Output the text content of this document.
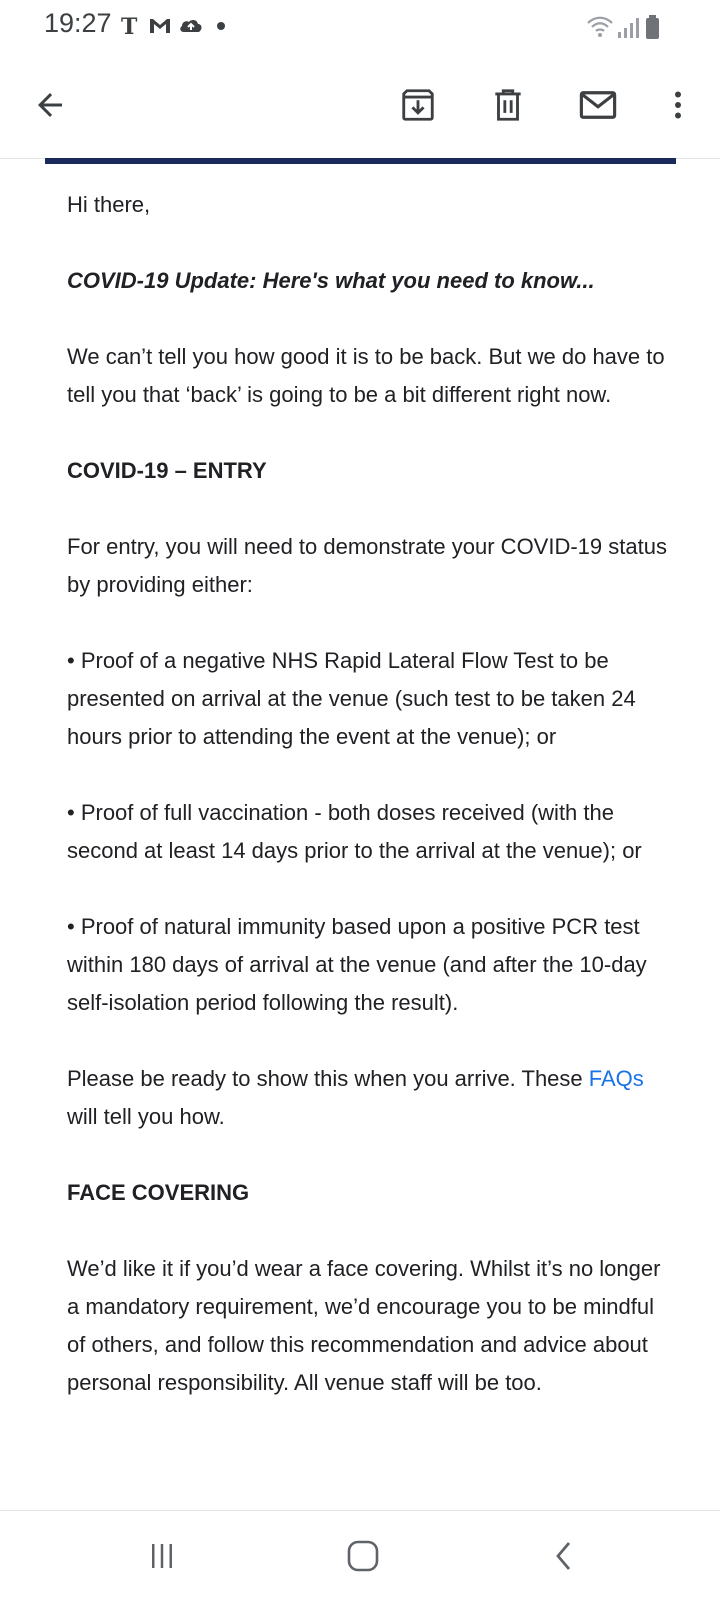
19:27 T

Hi there,

COVID-19 Update: Here's what you need to know...

We can’t tell you how good it is to be back. But we do have to tell you that ‘back’ is going to be a bit different right now.

COVID-19 – ENTRY

For entry, you will need to demonstrate your COVID-19 status by providing either:

• Proof of a negative NHS Rapid Lateral Flow Test to be presented on arrival at the venue (such test to be taken 24 hours prior to attending the event at the venue); or

• Proof of full vaccination - both doses received (with the second at least 14 days prior to the arrival at the venue); or

• Proof of natural immunity based upon a positive PCR test within 180 days of arrival at the venue (and after the 10-day self-isolation period following the result).

Please be ready to show this when you arrive. These FAQs will tell you how.

FACE COVERING

We’d like it if you’d wear a face covering. Whilst it’s no longer a mandatory requirement, we’d encourage you to be mindful of others, and follow this recommendation and advice about personal responsibility. All venue staff will be too.
